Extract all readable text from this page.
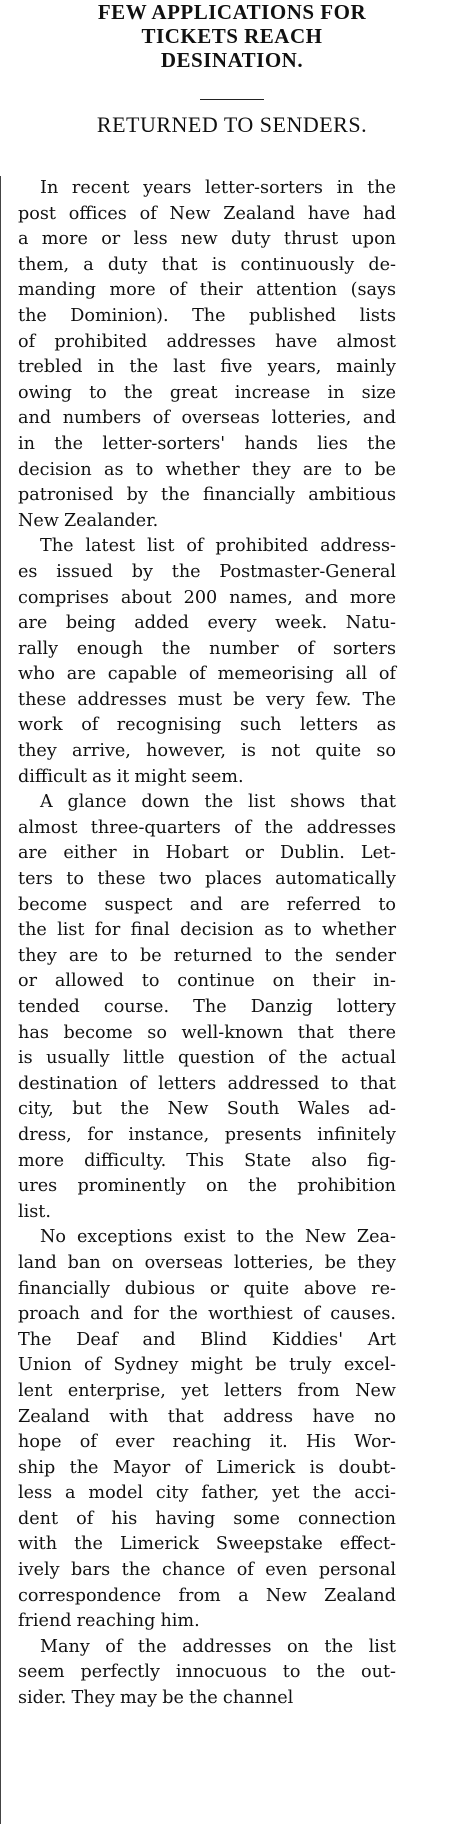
FEW APPLICATIONS FOR
TICKETS REACH
DESINATION.
RETURNED TO SENDERS.
In recent years letter-sorters in the
post offices of New Zealand have had
a more or less new duty thrust upon
them, a duty that is continuously de-
manding more of their attention (says
the Dominion). The published lists
of prohibited addresses have almost
trebled in the last five years, mainly
owing to the great increase in size
and numbers of overseas lotteries, and
in the letter-sorters' hands lies the
decision as to whether they are to be
patronised by the financially ambitious
New Zealander.
The latest list of prohibited address-
es issued by the Postmaster-General
comprises about 200 names, and more
are being added every week. Natu-
rally enough the number of sorters
who are capable of memeorising all of
these addresses must be very few. The
work of recognising such letters as
they arrive, however, is not quite so
difficult as it might seem.
A glance down the list shows that
almost three-quarters of the addresses
are either in Hobart or Dublin. Let-
ters to these two places automatically
become suspect and are referred to
the list for final decision as to whether
they are to be returned to the sender
or allowed to continue on their in-
tended course. The Danzig lottery
has become so well-known that there
is usually little question of the actual
destination of letters addressed to that
city, but the New South Wales ad-
dress, for instance, presents infinitely
more difficulty. This State also fig-
ures prominently on the prohibition
list.
No exceptions exist to the New Zea-
land ban on overseas lotteries, be they
financially dubious or quite above re-
proach and for the worthiest of causes.
The Deaf and Blind Kiddies' Art
Union of Sydney might be truly excel-
lent enterprise, yet letters from New
Zealand with that address have no
hope of ever reaching it. His Wor-
ship the Mayor of Limerick is doubt-
less a model city father, yet the acci-
dent of his having some connection
with the Limerick Sweepstake effect-
ively bars the chance of even personal
correspondence from a New Zealand
friend reaching him.
Many of the addresses on the list
seem perfectly innocuous to the out-
sider. They may be the channel
